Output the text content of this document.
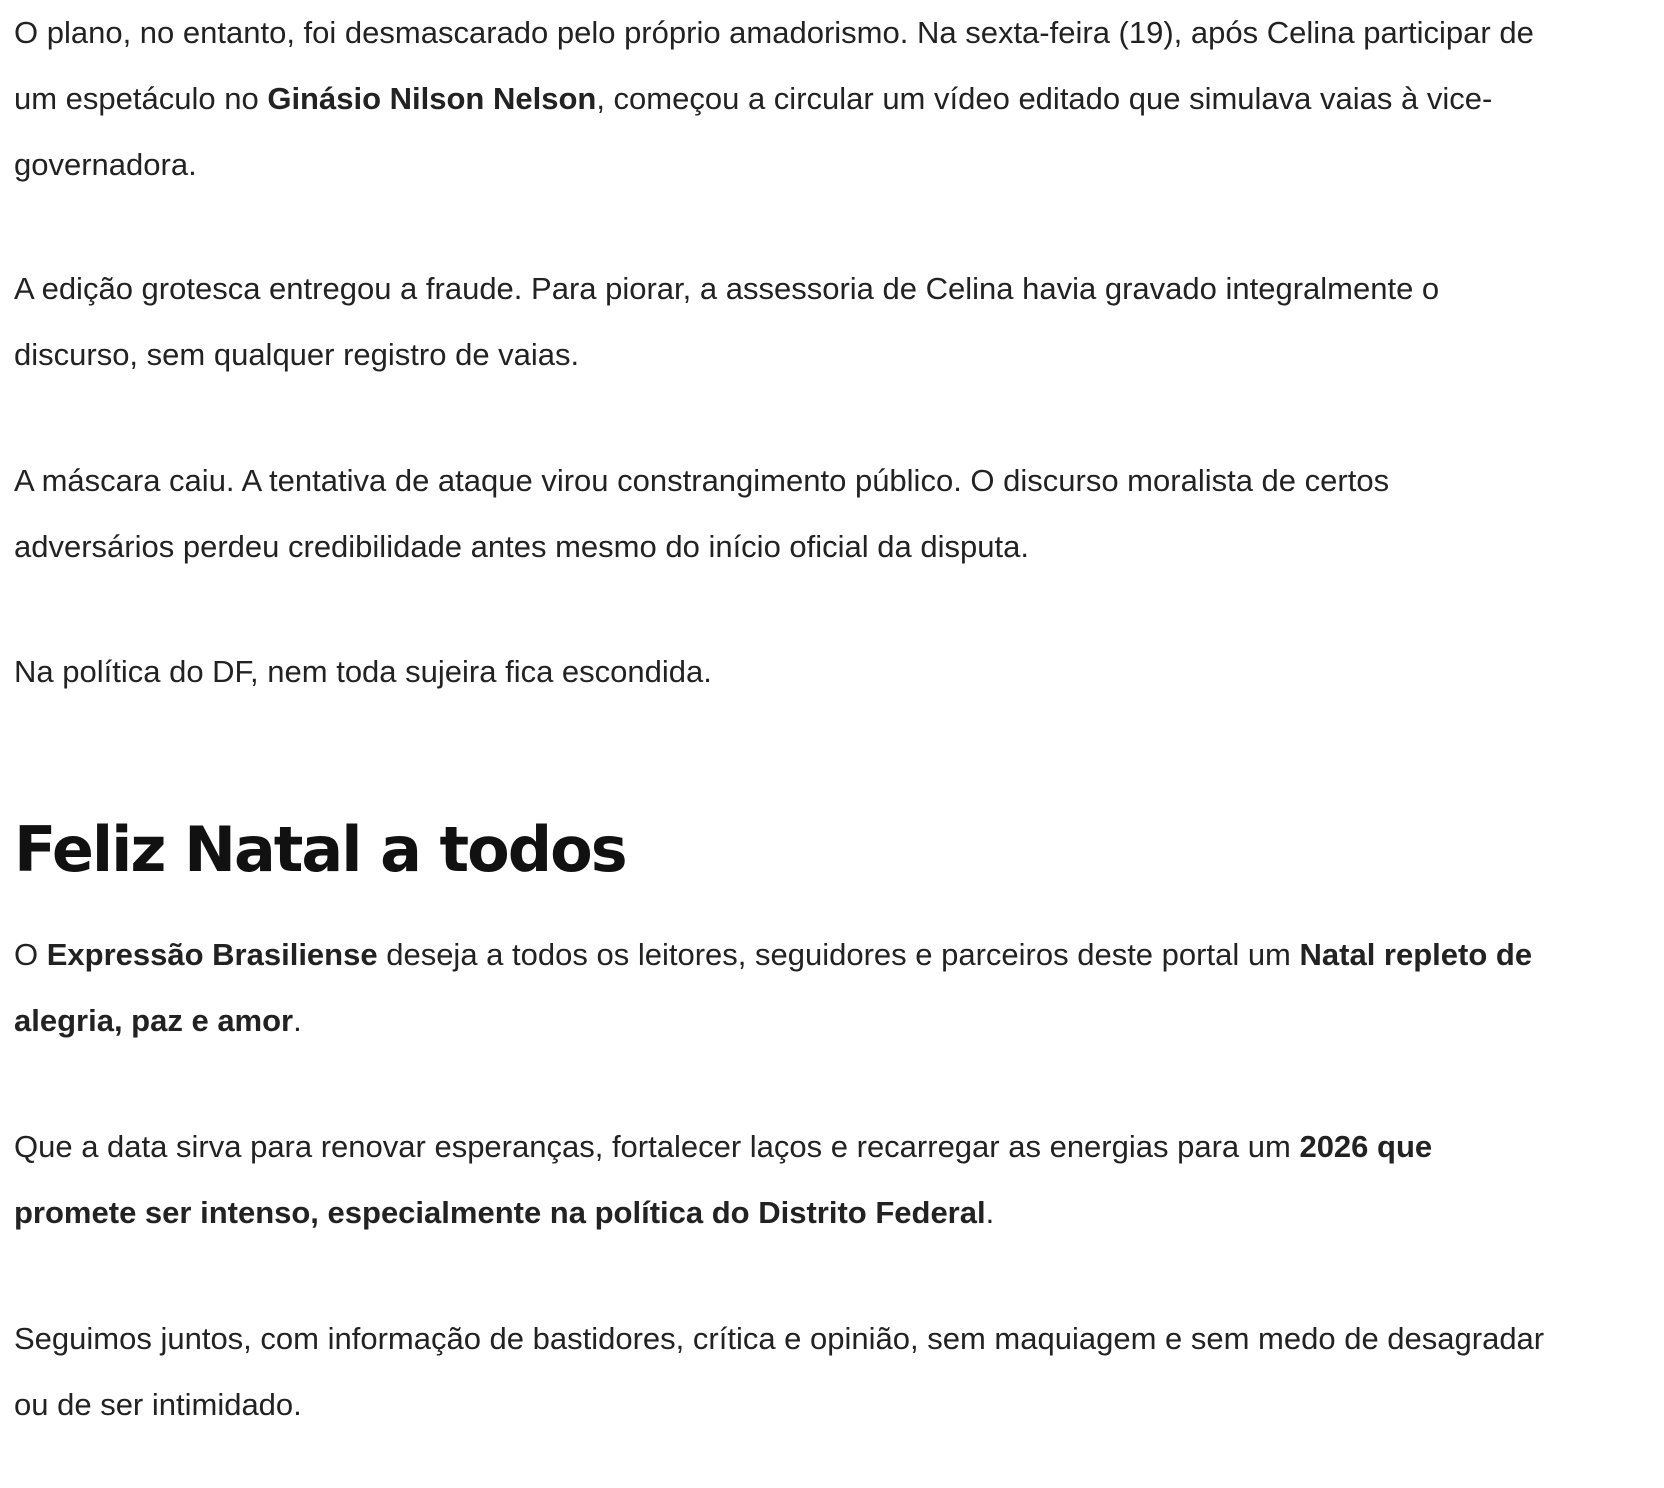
O plano, no entanto, foi desmascarado pelo próprio amadorismo. Na sexta-feira (19), após Celina participar de um espetáculo no Ginásio Nilson Nelson, começou a circular um vídeo editado que simulava vaias à vice-governadora.

A edição grotesca entregou a fraude. Para piorar, a assessoria de Celina havia gravado integralmente o discurso, sem qualquer registro de vaias.

A máscara caiu. A tentativa de ataque virou constrangimento público. O discurso moralista de certos adversários perdeu credibilidade antes mesmo do início oficial da disputa.

Na política do DF, nem toda sujeira fica escondida.

Feliz Natal a todos

O Expressão Brasiliense deseja a todos os leitores, seguidores e parceiros deste portal um Natal repleto de alegria, paz e amor.

Que a data sirva para renovar esperanças, fortalecer laços e recarregar as energias para um 2026 que promete ser intenso, especialmente na política do Distrito Federal.

Seguimos juntos, com informação de bastidores, crítica e opinião, sem maquiagem e sem medo de desagradar ou de ser intimidado.
